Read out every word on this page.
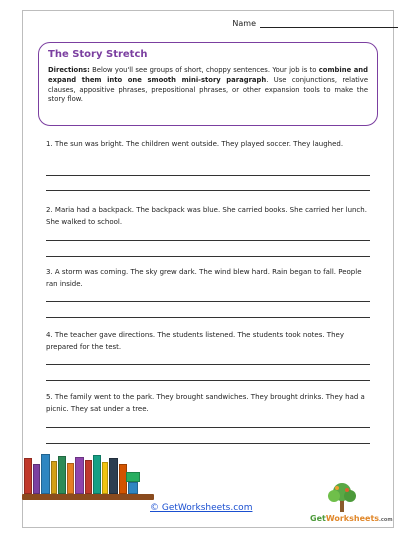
Name
The Story Stretch
Directions: Below you'll see groups of short, choppy sentences. Your job is to combine and expand them into one smooth mini-story paragraph. Use conjunctions, relative clauses, appositive phrases, prepositional phrases, or other expansion tools to make the story flow.
1. The sun was bright. The children went outside. They played soccer. They laughed.
2. Maria had a backpack. The backpack was blue. She carried books. She carried her lunch. She walked to school.
3. A storm was coming. The sky grew dark. The wind blew hard. Rain began to fall. People ran inside.
4. The teacher gave directions. The students listened. The students took notes. They prepared for the test.
5. The family went to the park. They brought sandwiches. They brought drinks. They had a picnic. They sat under a tree.
© GetWorksheets.com
GetWorksheets.com
